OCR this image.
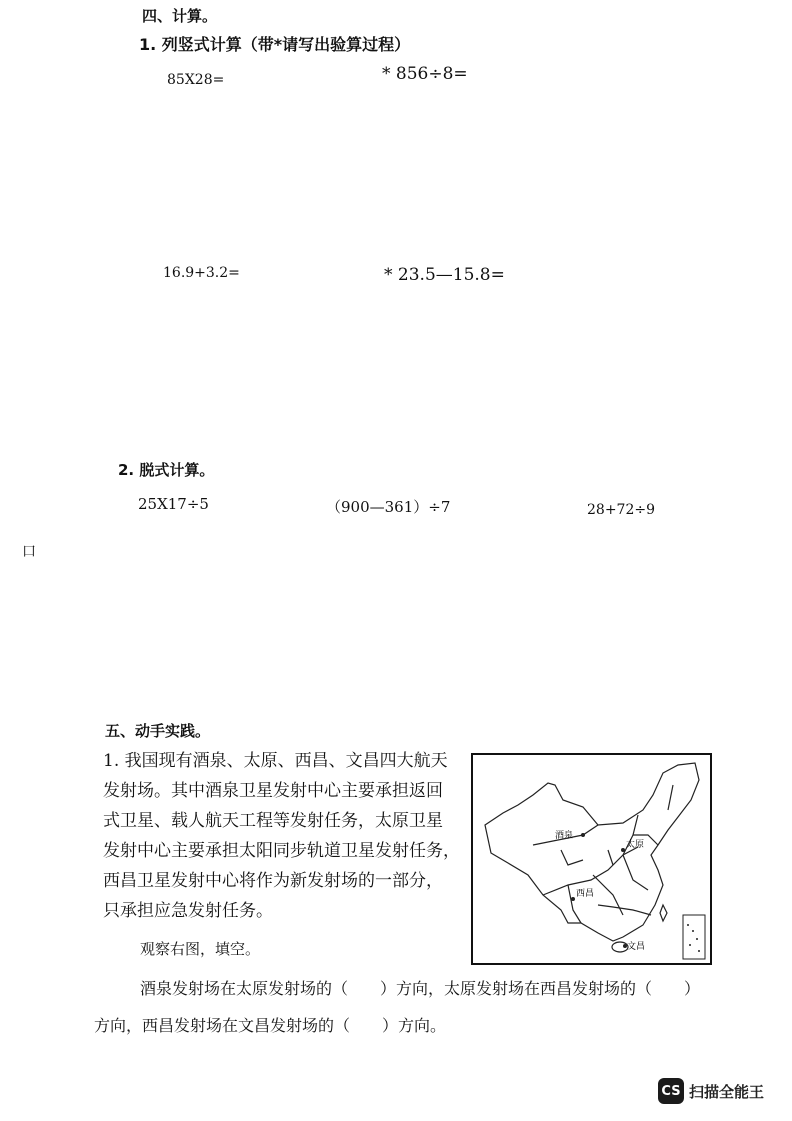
四、计算。
1. 列竖式计算（带*请写出验算过程）
85X28=	* 856÷8=
16.9+3.2=	* 23.5—15.8=
2. 脱式计算。
25X17÷5	（900—361）÷7	28+72÷9
口
五、动手实践。
1. 我国现有酒泉、太原、西昌、文昌四大航天
发射场。其中酒泉卫星发射中心主要承担返回
式卫星、载人航天工程等发射任务，太原卫星
发射中心主要承担太阳同步轨道卫星发射任务，
西昌卫星发射中心将作为新发射场的一部分，
只承担应急发射任务。
观察右图，填空。
酒泉发射场在太原发射场的（　　）方向，太原发射场在西昌发射场的（　　）
方向，西昌发射场在文昌发射场的（　　）方向。
酒泉
太原
西昌
文昌
CS 扫描全能王
